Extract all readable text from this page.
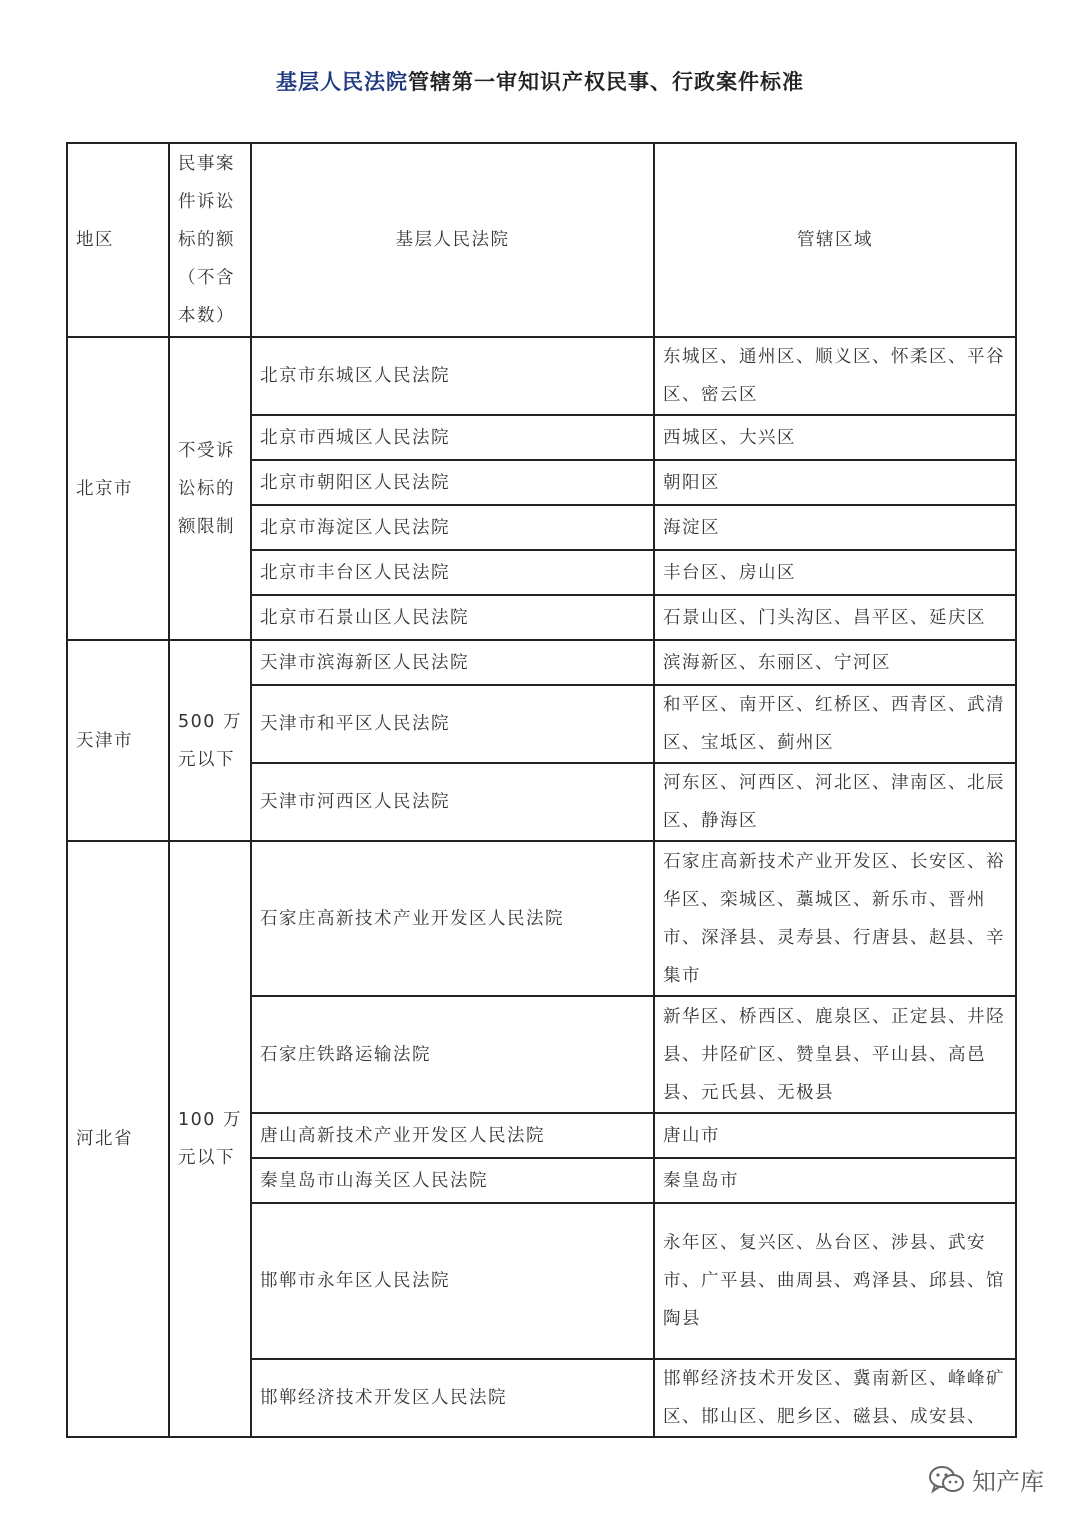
基层人民法院管辖第一审知识产权民事、行政案件标准
地区	民事案件诉讼标的额（不含本数）	基层人民法院	管辖区域
北京市	不受诉讼标的额限制	北京市东城区人民法院	东城区、通州区、顺义区、怀柔区、平谷区、密云区
		北京市西城区人民法院	西城区、大兴区
		北京市朝阳区人民法院	朝阳区
		北京市海淀区人民法院	海淀区
		北京市丰台区人民法院	丰台区、房山区
		北京市石景山区人民法院	石景山区、门头沟区、昌平区、延庆区
天津市	500 万元以下	天津市滨海新区人民法院	滨海新区、东丽区、宁河区
		天津市和平区人民法院	和平区、南开区、红桥区、西青区、武清区、宝坻区、蓟州区
		天津市河西区人民法院	河东区、河西区、河北区、津南区、北辰区、静海区
河北省	100 万元以下	石家庄高新技术产业开发区人民法院	石家庄高新技术产业开发区、长安区、裕华区、栾城区、藁城区、新乐市、晋州市、深泽县、灵寿县、行唐县、赵县、辛集市
		石家庄铁路运输法院	新华区、桥西区、鹿泉区、正定县、井陉县、井陉矿区、赞皇县、平山县、高邑县、元氏县、无极县
		唐山高新技术产业开发区人民法院	唐山市
		秦皇岛市山海关区人民法院	秦皇岛市
		邯郸市永年区人民法院	永年区、复兴区、丛台区、涉县、武安市、广平县、曲周县、鸡泽县、邱县、馆陶县
		邯郸经济技术开发区人民法院	邯郸经济技术开发区、冀南新区、峰峰矿区、邯山区、肥乡区、磁县、成安县、
知产库
